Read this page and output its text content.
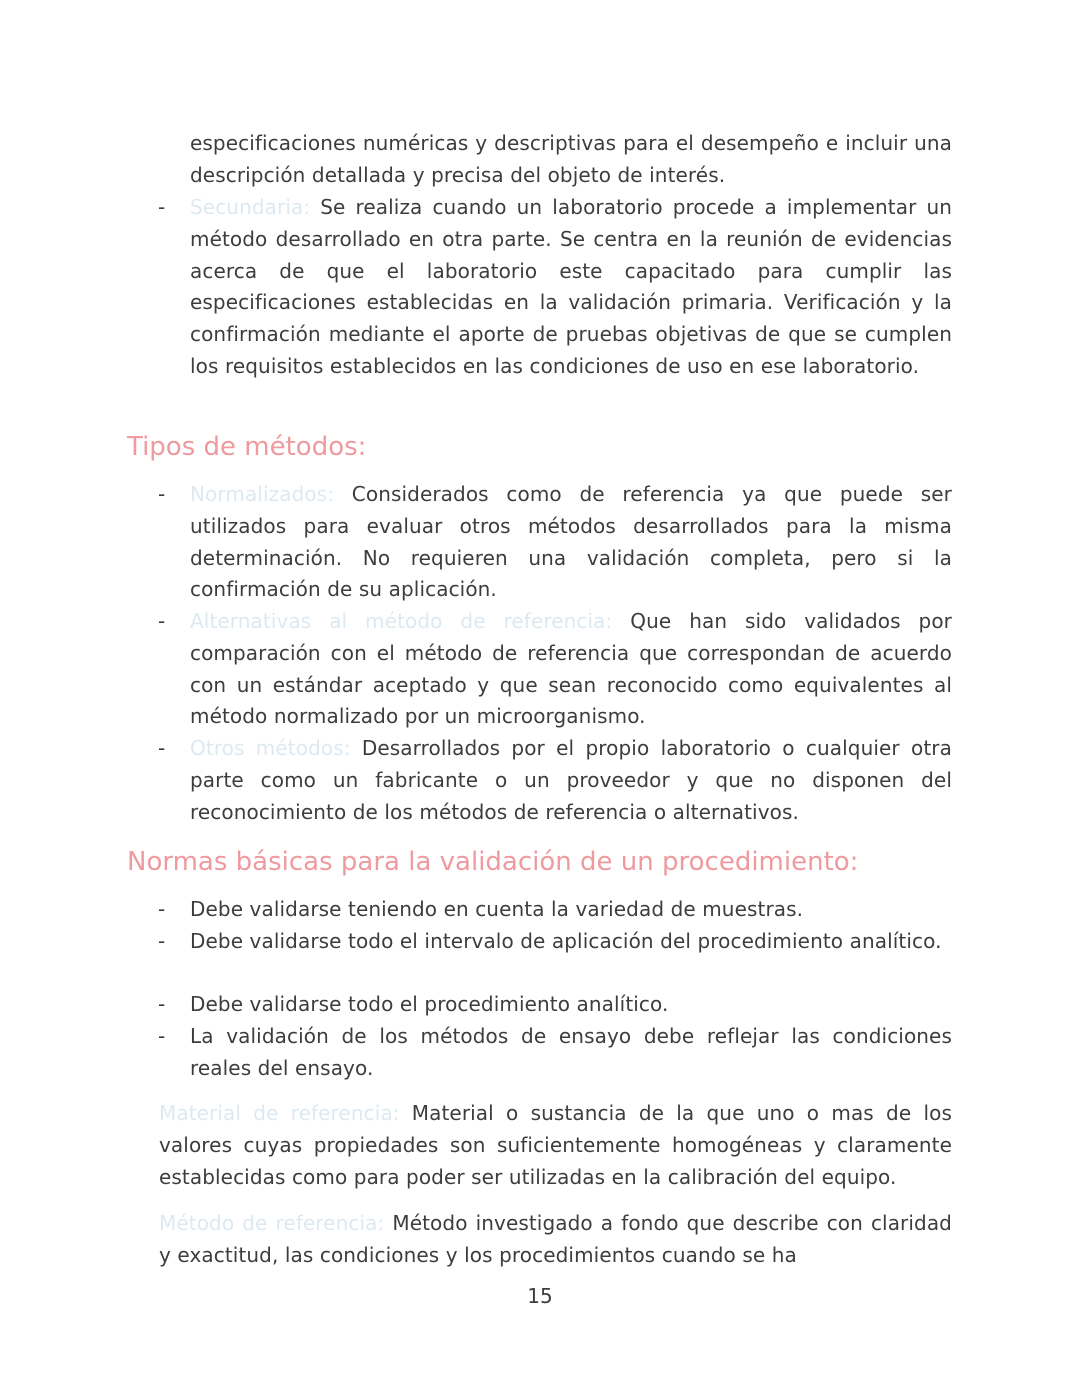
especificaciones numéricas y descriptivas para el desempeño e incluir una descripción detallada y precisa del objeto de interés.
-	Secundaria: Se realiza cuando un laboratorio procede a implementar un método desarrollado en otra parte. Se centra en la reunión de evidencias acerca de que el laboratorio este capacitado para cumplir las especificaciones establecidas en la validación primaria. Verificación y la confirmación mediante el aporte de pruebas objetivas de que se cumplen los requisitos establecidos en las condiciones de uso en ese laboratorio.
Tipos de métodos:
-	Normalizados: Considerados como de referencia ya que puede ser utilizados para evaluar otros métodos desarrollados para la misma determinación. No requieren una validación completa, pero si la confirmación de su aplicación.
-	Alternativas al método de referencia: Que han sido validados por comparación con el método de referencia que correspondan de acuerdo con un estándar aceptado y que sean reconocido como equivalentes al método normalizado por un microorganismo.
-	Otros métodos: Desarrollados por el propio laboratorio o cualquier otra parte como un fabricante o un proveedor y que no disponen del reconocimiento de los métodos de referencia o alternativos.
Normas básicas para la validación de un procedimiento:
-	Debe validarse teniendo en cuenta la variedad de muestras.
-	Debe validarse todo el intervalo de aplicación del procedimiento analítico.
-	Debe validarse todo el procedimiento analítico.
-	La validación de los métodos de ensayo debe reflejar las condiciones reales del ensayo.
Material de referencia: Material o sustancia de la que uno o mas de los valores cuyas propiedades son suficientemente homogéneas y claramente establecidas como para poder ser utilizadas en la calibración del equipo.
Método de referencia: Método investigado a fondo que describe con claridad y exactitud, las condiciones y los procedimientos cuando se ha
15
